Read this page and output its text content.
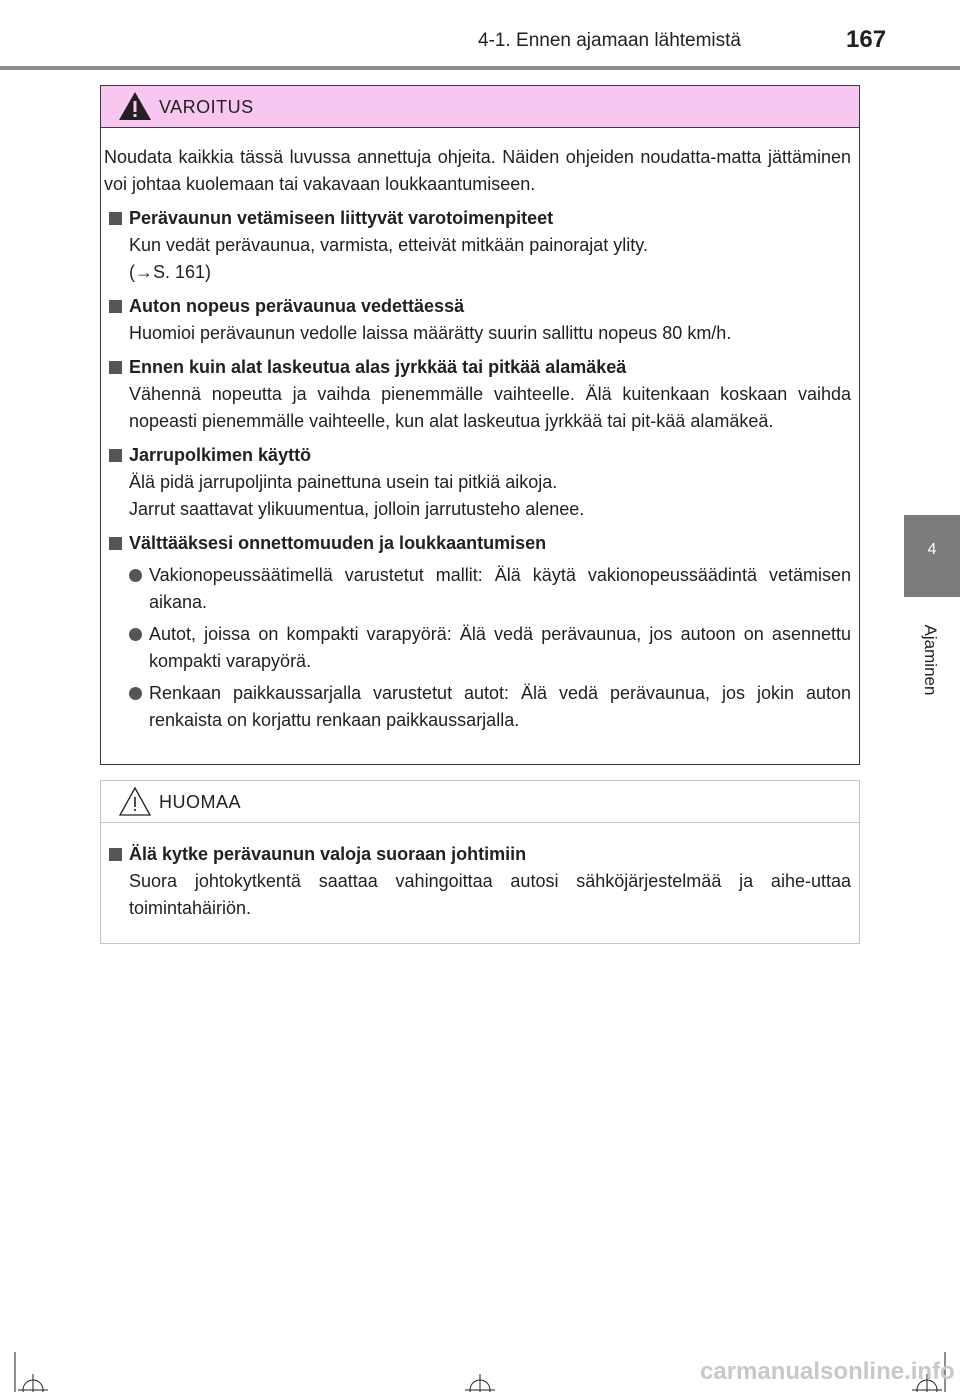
4-1. Ennen ajamaan lähtemistä	167
4
Ajaminen
VAROITUS

Noudata kaikkia tässä luvussa annettuja ohjeita. Näiden ohjeiden noudatta-matta jättäminen voi johtaa kuolemaan tai vakavaan loukkaantumiseen.

Perävaunun vetämiseen liittyvät varotoimenpiteet

Kun vedät perävaunua, varmista, etteivät mitkään painorajat ylity.

(→S. 161)

Auton nopeus perävaunua vedettäessä

Huomioi perävaunun vedolle laissa määrätty suurin sallittu nopeus 80 km/h.

Ennen kuin alat laskeutua alas jyrkkää tai pitkää alamäkeä

Vähennä nopeutta ja vaihda pienemmälle vaihteelle. Älä kuitenkaan koskaan vaihda nopeasti pienemmälle vaihteelle, kun alat laskeutua jyrkkää tai pit-kää alamäkeä.

Jarrupolkimen käyttö

Älä pidä jarrupoljinta painettuna usein tai pitkiä aikoja.

Jarrut saattavat ylikuumentua, jolloin jarrutusteho alenee.

Välttääksesi onnettomuuden ja loukkaantumisen
Vakionopeussäätimellä varustetut mallit: Älä käytä vakionopeussäädintä vetämisen aikana.
Autot, joissa on kompakti varapyörä: Älä vedä perävaunua, jos autoon on asennettu kompakti varapyörä.
Renkaan paikkaussarjalla varustetut autot: Älä vedä perävaunua, jos jokin auton renkaista on korjattu renkaan paikkaussarjalla.
HUOMAA
Älä kytke perävaunun valoja suoraan johtimiin

Suora johtokytkentä saattaa vahingoittaa autosi sähköjärjestelmää ja aihe-uttaa toimintahäiriön.

carmanualsonline.info
